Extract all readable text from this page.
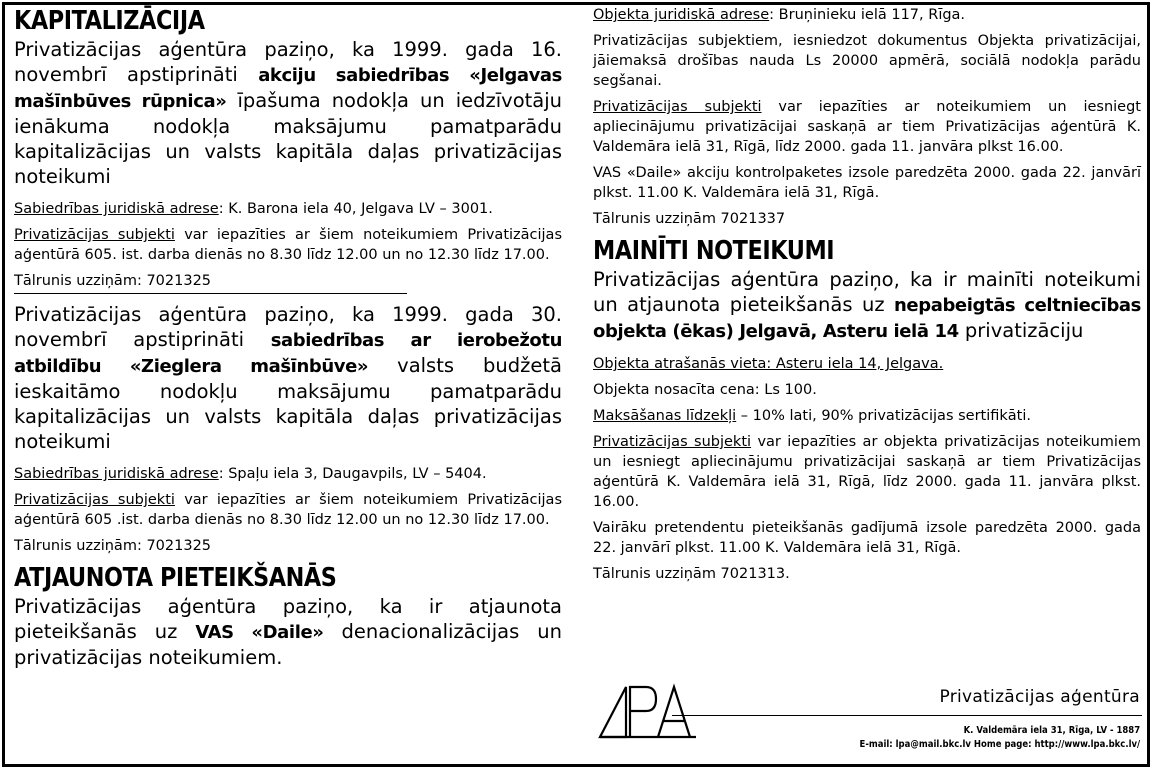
KAPITALIZĀCIJA

Privatizācijas aģentūra paziņo, ka 1999. gada 16. novembrī apstiprināti akciju sabiedrības «Jelgavas mašīnbūves rūpnica» īpašuma nodokļa un iedzīvotāju ienākuma nodokļa maksājumu pamatparādu kapitalizācijas un valsts kapitāla daļas privatizācijas noteikumi

Sabiedrības juridiskā adrese: K. Barona iela 40, Jelgava LV – 3001.

Privatizācijas subjekti var iepazīties ar šiem noteikumiem Privatizācijas aģentūrā 605. ist. darba dienās no 8.30 līdz 12.00 un no 12.30 līdz 17.00.

Tālrunis uzziņām: 7021325

Privatizācijas aģentūra paziņo, ka 1999. gada 30. novembrī apstiprināti sabiedrības ar ierobežotu atbildību «Zieglera mašīnbūve» valsts budžetā ieskaitāmo nodokļu maksājumu pamatparādu kapitalizācijas un valsts kapitāla daļas privatizācijas noteikumi

Sabiedrības juridiskā adrese: Spaļu iela 3, Daugavpils, LV – 5404.

Privatizācijas subjekti var iepazīties ar šiem noteikumiem Privatizācijas aģentūrā 605 .ist. darba dienās no 8.30 līdz 12.00 un no 12.30 līdz 17.00.

Tālrunis uzziņām: 7021325

ATJAUNOTA PIETEIKŠANĀS

Privatizācijas aģentūra paziņo, ka ir atjaunota pieteikšanās uz VAS «Daile» denacionalizācijas un privatizācijas noteikumiem.

Objekta juridiskā adrese: Bruņinieku ielā 117, Rīga.

Privatizācijas subjektiem, iesniedzot dokumentus Objekta privatizācijai, jāiemaksā drošības nauda Ls 20000 apmērā, sociālā nodokļa parādu segšanai.

Privatizācijas subjekti var iepazīties ar noteikumiem un iesniegt apliecinājumu privatizācijai saskaņā ar tiem Privatizācijas aģentūrā K. Valdemāra ielā 31, Rīgā, līdz 2000. gada 11. janvāra plkst 16.00.

VAS «Daile» akciju kontrolpaketes izsole paredzēta 2000. gada 22. janvārī plkst. 11.00 K. Valdemāra ielā 31, Rīgā.

Tālrunis uzziņām 7021337

MAINĪTI NOTEIKUMI

Privatizācijas aģentūra paziņo, ka ir mainīti noteikumi un atjaunota pieteikšanās uz nepabeigtās celtniecības objekta (ēkas) Jelgavā, Asteru ielā 14 privatizāciju

Objekta atrašanās vieta: Asteru iela 14, Jelgava.

Objekta nosacīta cena: Ls 100.

Maksāšanas līdzekļi – 10% lati, 90% privatizācijas sertifikāti.

Privatizācijas subjekti var iepazīties ar objekta privatizācijas noteikumiem un iesniegt apliecinājumu privatizācijai saskaņā ar tiem Privatizācijas aģentūrā K. Valdemāra ielā 31, Rīgā, līdz 2000. gada 11. janvāra plkst. 16.00.

Vairāku pretendentu pieteikšanās gadījumā izsole paredzēta 2000. gada 22. janvārī plkst. 11.00 K. Valdemāra ielā 31, Rīgā.

Tālrunis uzziņām 7021313.

Privatizācijas aģentūra
K. Valdemāra iela 31, Rīga, LV - 1887
E-mail: lpa@mail.bkc.lv Home page: http://www.lpa.bkc.lv/
